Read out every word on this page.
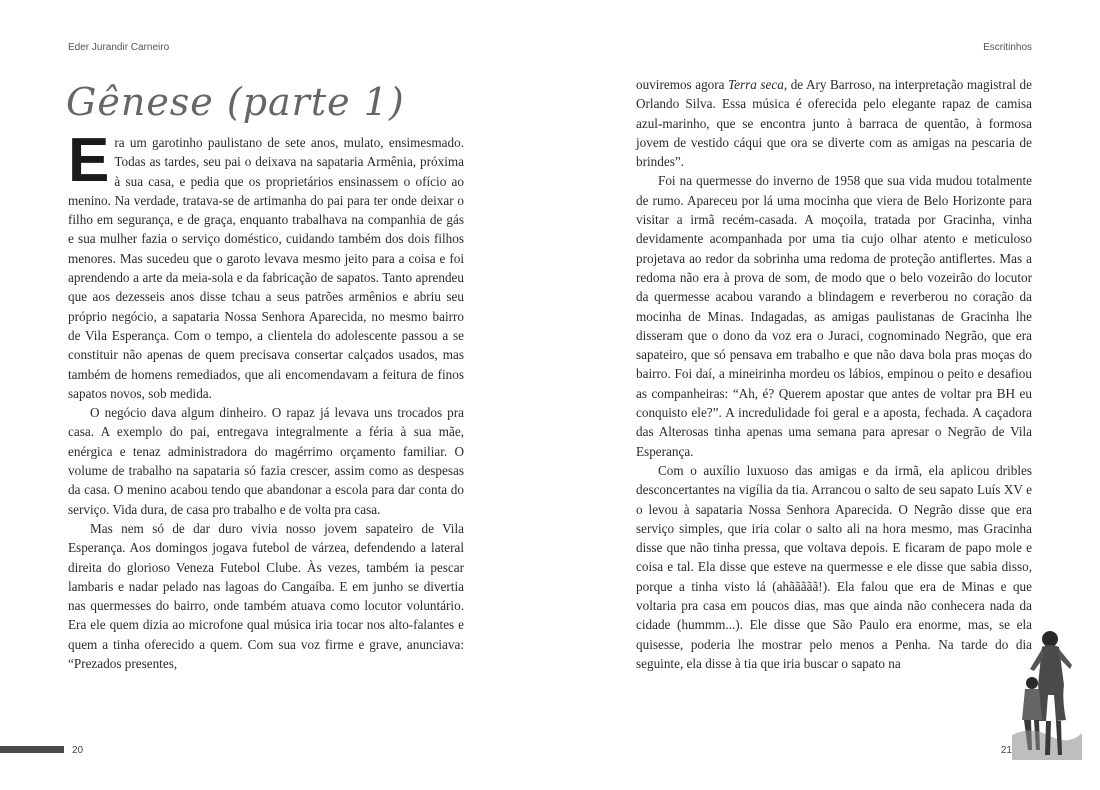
Eder Jurandir Carneiro
Gênese (parte 1)

Era um garotinho paulistano de sete anos, mulato, ensimesmado. Todas as tardes, seu pai o deixava na sapataria Armênia, próxima à sua casa, e pedia que os proprietários ensinassem o ofício ao menino. Na verdade, tratava-se de artimanha do pai para ter onde deixar o filho em segurança, e de graça, enquanto trabalhava na companhia de gás e sua mulher fazia o serviço doméstico, cuidando também dos dois filhos menores. Mas sucedeu que o garoto levava mesmo jeito para a coisa e foi aprendendo a arte da meia-sola e da fabricação de sapatos. Tanto aprendeu que aos dezesseis anos disse tchau a seus patrões armênios e abriu seu próprio negócio, a sapataria Nossa Senhora Aparecida, no mesmo bairro de Vila Esperança. Com o tempo, a clientela do adolescente passou a se constituir não apenas de quem precisava consertar calçados usados, mas também de homens remediados, que ali encomendavam a feitura de finos sapatos novos, sob medida.

O negócio dava algum dinheiro. O rapaz já levava uns trocados pra casa. A exemplo do pai, entregava integralmente a féria à sua mãe, enérgica e tenaz administradora do magérrimo orçamento familiar. O volume de trabalho na sapataria só fazia crescer, assim como as despesas da casa. O menino acabou tendo que abandonar a escola para dar conta do serviço. Vida dura, de casa pro trabalho e de volta pra casa.

Mas nem só de dar duro vivia nosso jovem sapateiro de Vila Esperança. Aos domingos jogava futebol de várzea, defendendo a lateral direita do glorioso Veneza Futebol Clube. Às vezes, também ia pescar lambaris e nadar pelado nas lagoas do Cangaíba. E em junho se divertia nas quermesses do bairro, onde também atuava como locutor voluntário. Era ele quem dizia ao microfone qual música iria tocar nos alto-falantes e quem a tinha oferecido a quem. Com sua voz firme e grave, anunciava: “Prezados presentes,

20
Escritinhos

ouviremos agora Terra seca, de Ary Barroso, na interpretação magistral de Orlando Silva. Essa música é oferecida pelo elegante rapaz de camisa azul-marinho, que se encontra junto à barraca de quentão, à formosa jovem de vestido cáqui que ora se diverte com as amigas na pescaria de brindes”.

Foi na quermesse do inverno de 1958 que sua vida mudou totalmente de rumo. Apareceu por lá uma mocinha que viera de Belo Horizonte para visitar a irmã recém-casada. A moçoila, tratada por Gracinha, vinha devidamente acompanhada por uma tia cujo olhar atento e meticuloso projetava ao redor da sobrinha uma redoma de proteção antiflertes. Mas a redoma não era à prova de som, de modo que o belo vozeirão do locutor da quermesse acabou varando a blindagem e reverberou no coração da mocinha de Minas. Indagadas, as amigas paulistanas de Gracinha lhe disseram que o dono da voz era o Juraci, cognominado Negrão, que era sapateiro, que só pensava em trabalho e que não dava bola pras moças do bairro. Foi daí, a mineirinha mordeu os lábios, empinou o peito e desafiou as companheiras: “Ah, é? Querem apostar que antes de voltar pra BH eu conquisto ele?”. A incredulidade foi geral e a aposta, fechada. A caçadora das Alterosas tinha apenas uma semana para apresar o Negrão de Vila Esperança.

Com o auxílio luxuoso das amigas e da irmã, ela aplicou dribles desconcertantes na vigília da tia. Arrancou o salto de seu sapato Luís XV e o levou à sapataria Nossa Senhora Aparecida. O Negrão disse que era serviço simples, que iria colar o salto ali na hora mesmo, mas Gracinha disse que não tinha pressa, que voltava depois. E ficaram de papo mole e coisa e tal. Ela disse que esteve na quermesse e ele disse que sabia disso, porque a tinha visto lá (ahããããã!). Ela falou que era de Minas e que voltaria pra casa em poucos dias, mas que ainda não conhecera nada da cidade (hummm...). Ele disse que São Paulo era enorme, mas, se ela quisesse, poderia lhe mostrar pelo menos a Penha. Na tarde do dia seguinte, ela disse à tia que iria buscar o sapato na

21
